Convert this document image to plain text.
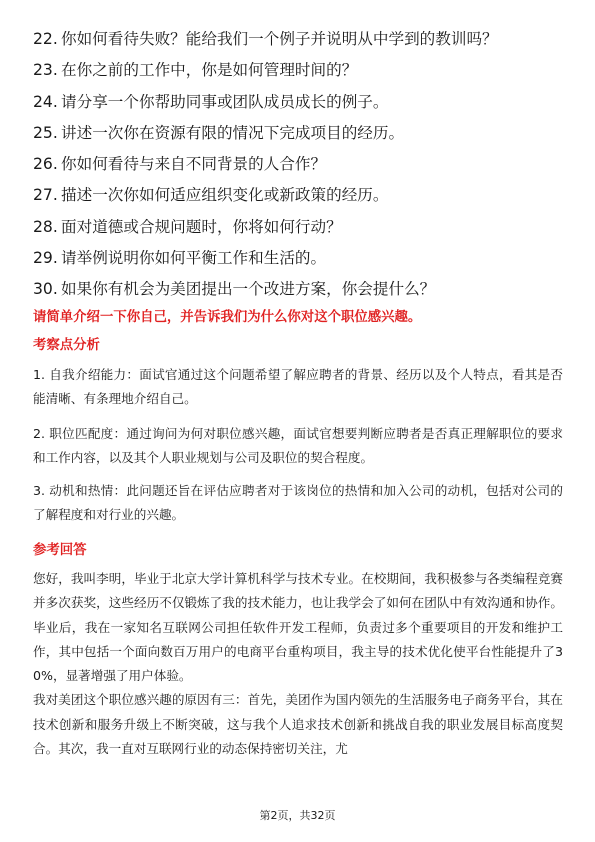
22. 你如何看待失败？能给我们一个例子并说明从中学到的教训吗？
23. 在你之前的工作中，你是如何管理时间的？
24. 请分享一个你帮助同事或团队成员成长的例子。
25. 讲述一次你在资源有限的情况下完成项目的经历。
26. 你如何看待与来自不同背景的人合作？
27. 描述一次你如何适应组织变化或新政策的经历。
28. 面对道德或合规问题时，你将如何行动？
29. 请举例说明你如何平衡工作和生活的。
30. 如果你有机会为美团提出一个改进方案，你会提什么？
请简单介绍一下你自己，并告诉我们为什么你对这个职位感兴趣。
考察点分析
1. 自我介绍能力：面试官通过这个问题希望了解应聘者的背景、经历以及个人特点，看其是否能清晰、有条理地介绍自己。
2. 职位匹配度：通过询问为何对职位感兴趣，面试官想要判断应聘者是否真正理解职位的要求和工作内容，以及其个人职业规划与公司及职位的契合程度。
3. 动机和热情：此问题还旨在评估应聘者对于该岗位的热情和加入公司的动机，包括对公司的了解程度和对行业的兴趣。
参考回答

您好，我叫李明，毕业于北京大学计算机科学与技术专业。在校期间，我积极参与各类编程竞赛并多次获奖，这些经历不仅锻炼了我的技术能力，也让我学会了如何在团队中有效沟通和协作。毕业后，我在一家知名互联网公司担任软件开发工程师，负责过多个重要项目的开发和维护工作，其中包括一个面向数百万用户的电商平台重构项目，我主导的技术优化使平台性能提升了30%，显著增强了用户体验。

我对美团这个职位感兴趣的原因有三：首先，美团作为国内领先的生活服务电子商务平台，其在技术创新和服务升级上不断突破，这与我个人追求技术创新和挑战自我的职业发展目标高度契合。其次，我一直对互联网行业的动态保持密切关注，尤

第2页，共32页
